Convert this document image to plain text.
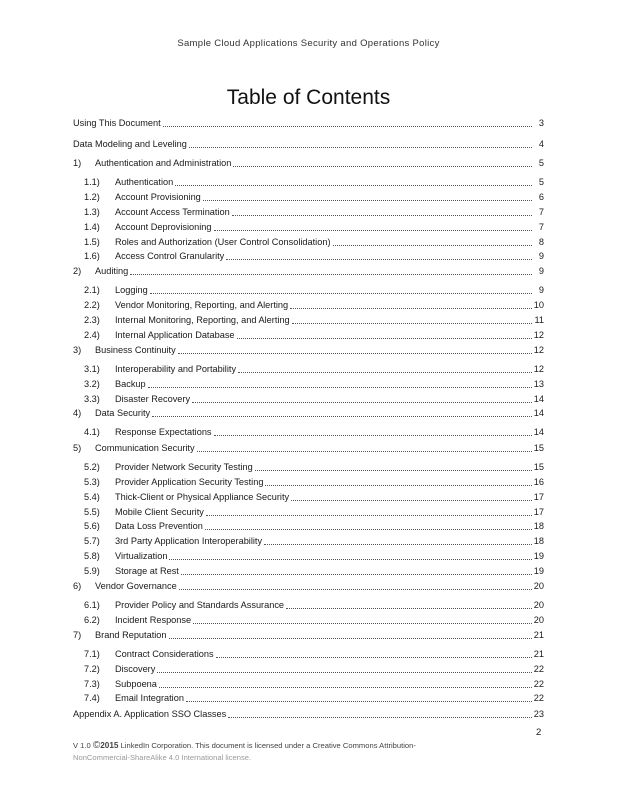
Sample Cloud Applications Security and Operations Policy
Table of Contents
Using This Document	3
Data Modeling and Leveling	4
1)	Authentication and Administration	5
1.1)	Authentication	5
1.2)	Account Provisioning	6
1.3)	Account Access Termination	7
1.4)	Account Deprovisioning	7
1.5)	Roles and Authorization (User Control Consolidation)	8
1.6)	Access Control Granularity	9
2)	Auditing	9
2.1)	Logging	9
2.2)	Vendor Monitoring, Reporting, and Alerting	10
2.3)	Internal Monitoring, Reporting, and Alerting	11
2.4)	Internal Application Database	12
3)	Business Continuity	12
3.1)	Interoperability and Portability	12
3.2)	Backup	13
3.3)	Disaster Recovery	14
4)	Data Security	14
4.1)	Response Expectations	14
5)	Communication Security	15
5.2)	Provider Network Security Testing	15
5.3)	Provider Application Security Testing	16
5.4)	Thick-Client or Physical Appliance Security	17
5.5)	Mobile Client Security	17
5.6)	Data Loss Prevention	18
5.7)	3rd Party Application Interoperability	18
5.8)	Virtualization	19
5.9)	Storage at Rest	19
6)	Vendor Governance	20
6.1)	Provider Policy and Standards Assurance	20
6.2)	Incident Response	20
7)	Brand Reputation	21
7.1)	Contract Considerations	21
7.2)	Discovery	22
7.3)	Subpoena	22
7.4)	Email Integration	22
Appendix A. Application SSO Classes	23
2
V 1.0 ©2015 LinkedIn Corporation. This document is licensed under a Creative Commons Attribution-
NonCommercial-ShareAlike 4.0 International license.
